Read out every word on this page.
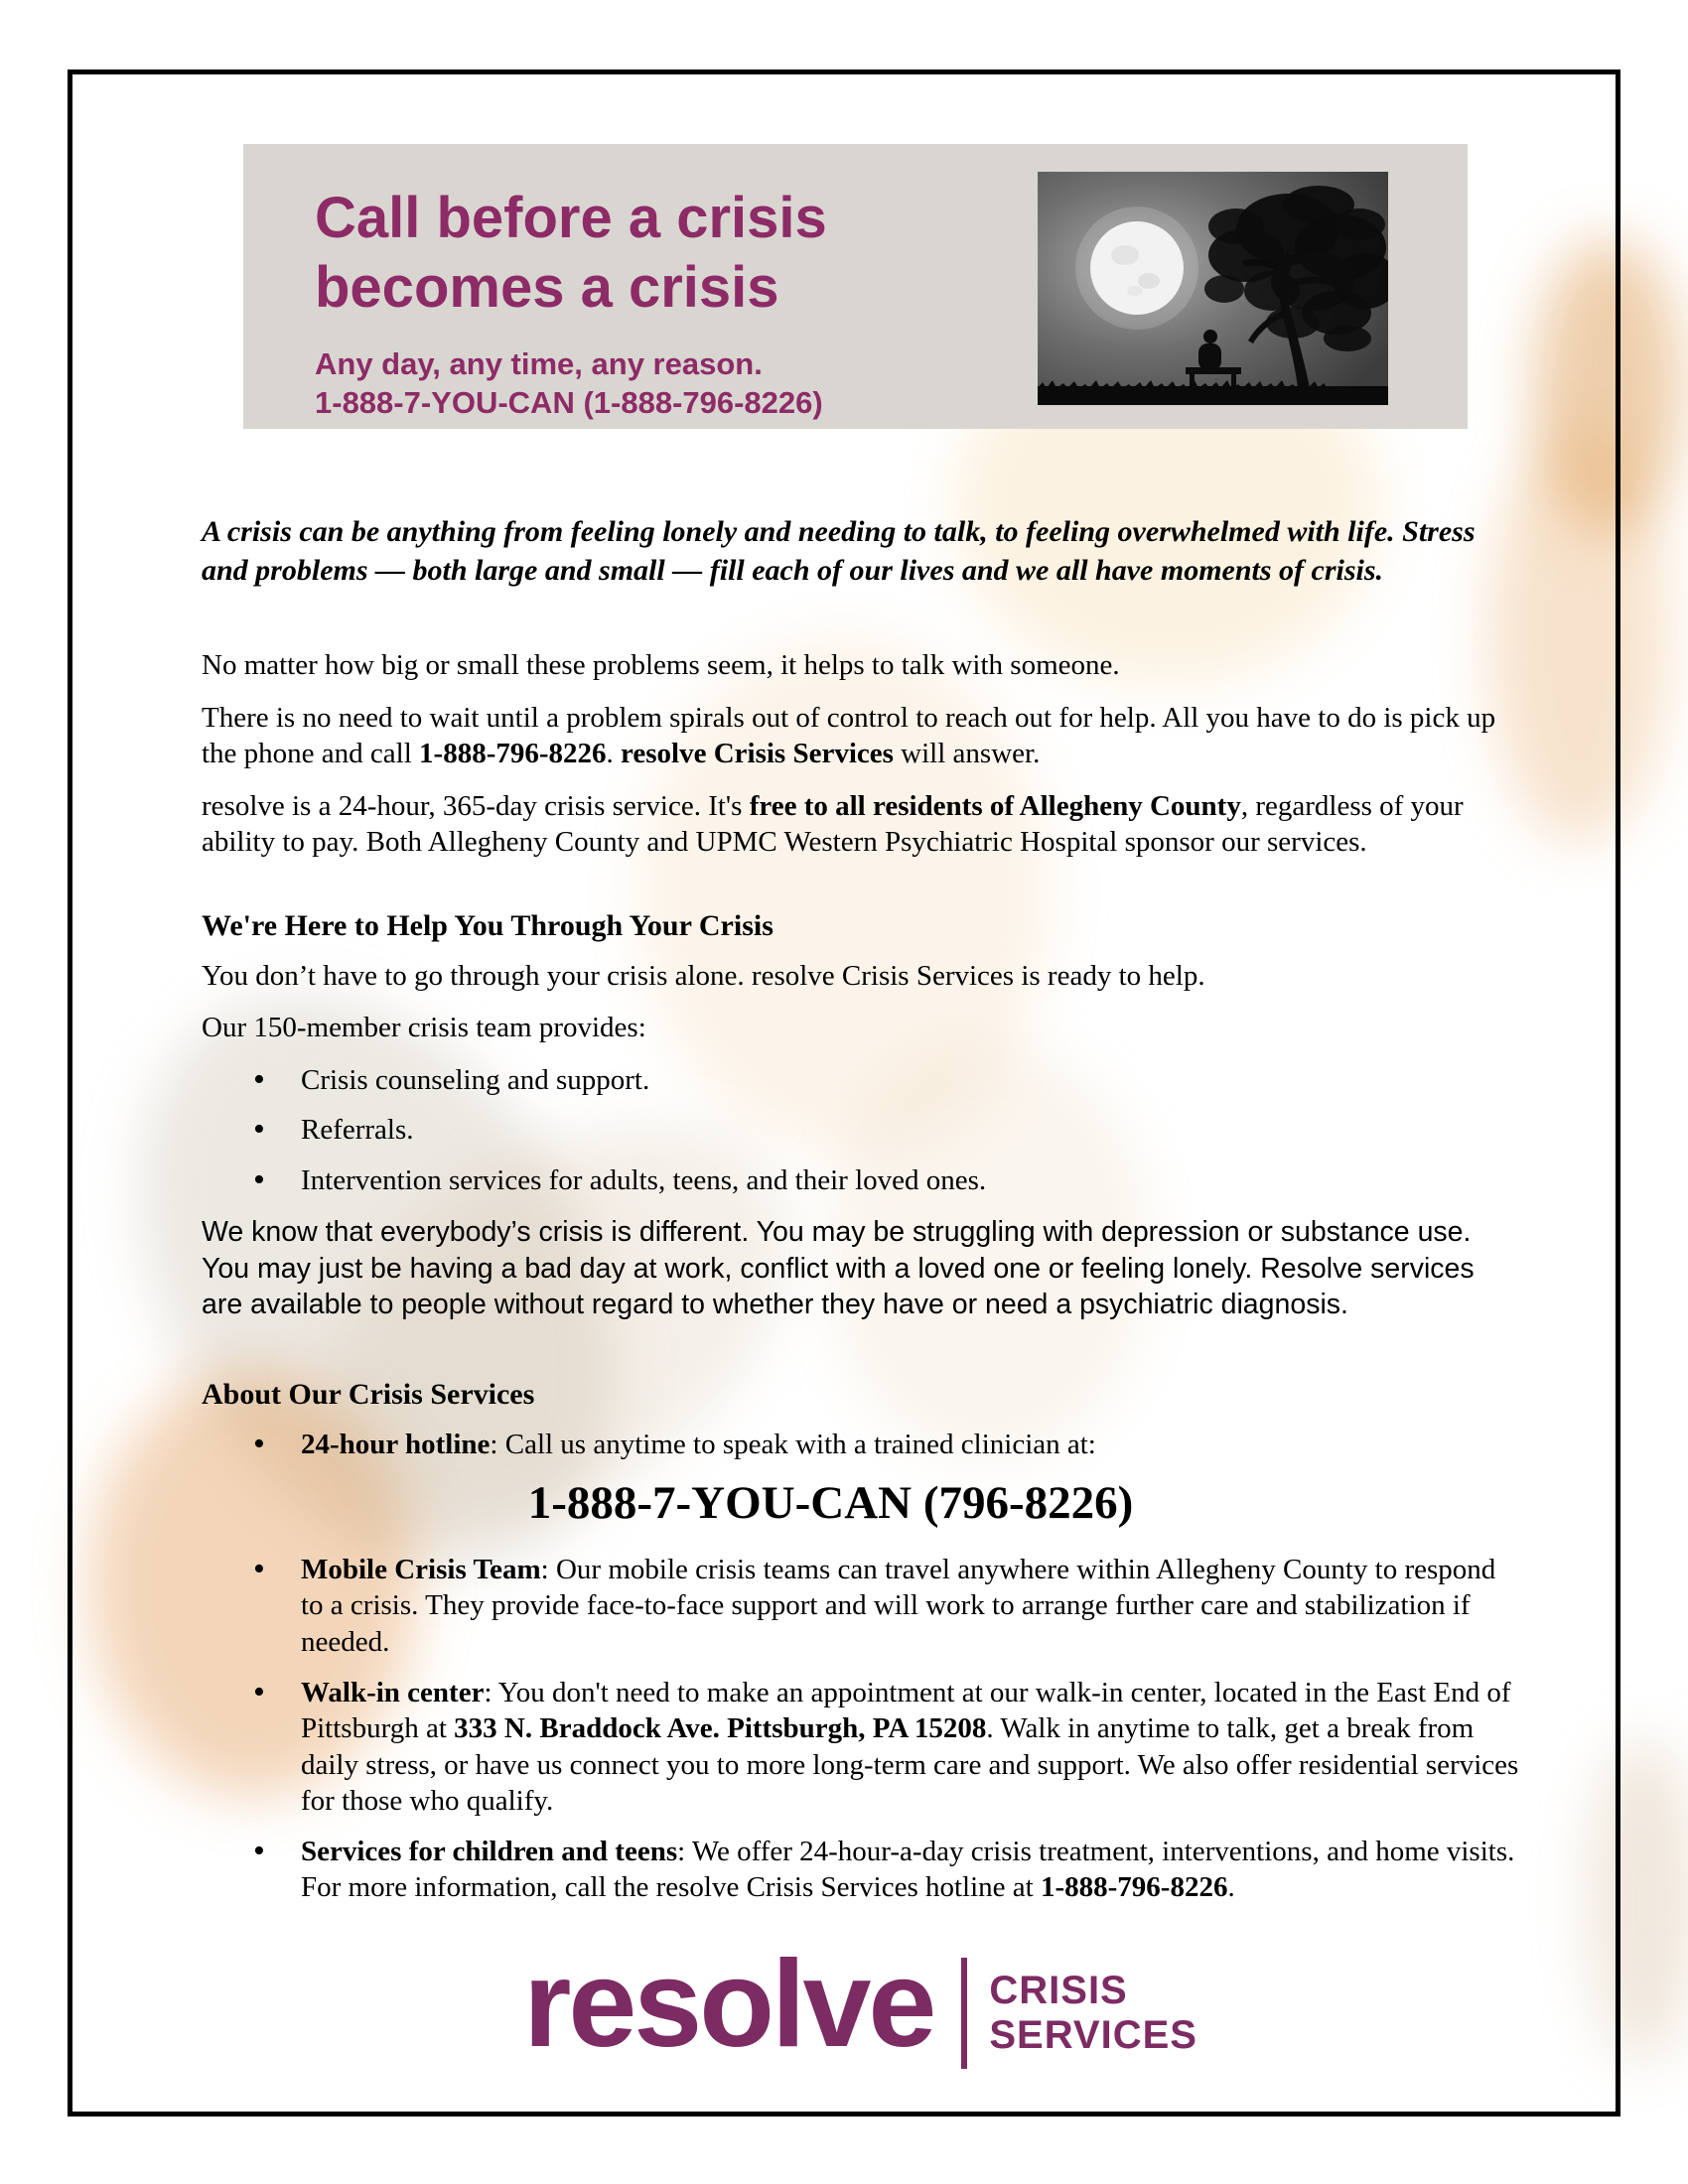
Call before a crisis
becomes a crisis
Any day, any time, any reason.
1-888-7-YOU-CAN (1-888-796-8226)

A crisis can be anything from feeling lonely and needing to talk, to feeling overwhelmed with life. Stress and problems — both large and small — fill each of our lives and we all have moments of crisis.

No matter how big or small these problems seem, it helps to talk with someone.

There is no need to wait until a problem spirals out of control to reach out for help. All you have to do is pick up the phone and call 1-888-796-8226. resolve Crisis Services will answer.

resolve is a 24-hour, 365-day crisis service. It's free to all residents of Allegheny County, regardless of your ability to pay. Both Allegheny County and UPMC Western Psychiatric Hospital sponsor our services.

We're Here to Help You Through Your Crisis

You don’t have to go through your crisis alone. resolve Crisis Services is ready to help.

Our 150-member crisis team provides:

• Crisis counseling and support.
• Referrals.
• Intervention services for adults, teens, and their loved ones.

We know that everybody’s crisis is different. You may be struggling with depression or substance use. You may just be having a bad day at work, conflict with a loved one or feeling lonely. Resolve services are available to people without regard to whether they have or need a psychiatric diagnosis.

About Our Crisis Services
• 24-hour hotline: Call us anytime to speak with a trained clinician at:
1-888-7-YOU-CAN (796-8226)
• Mobile Crisis Team: Our mobile crisis teams can travel anywhere within Allegheny County to respond to a crisis. They provide face-to-face support and will work to arrange further care and stabilization if needed.
• Walk-in center: You don't need to make an appointment at our walk-in center, located in the East End of Pittsburgh at 333 N. Braddock Ave. Pittsburgh, PA 15208. Walk in anytime to talk, get a break from daily stress, or have us connect you to more long-term care and support. We also offer residential services for those who qualify.
• Services for children and teens: We offer 24-hour-a-day crisis treatment, interventions, and home visits. For more information, call the resolve Crisis Services hotline at 1-888-796-8226.
resolve CRISIS
SERVICES
